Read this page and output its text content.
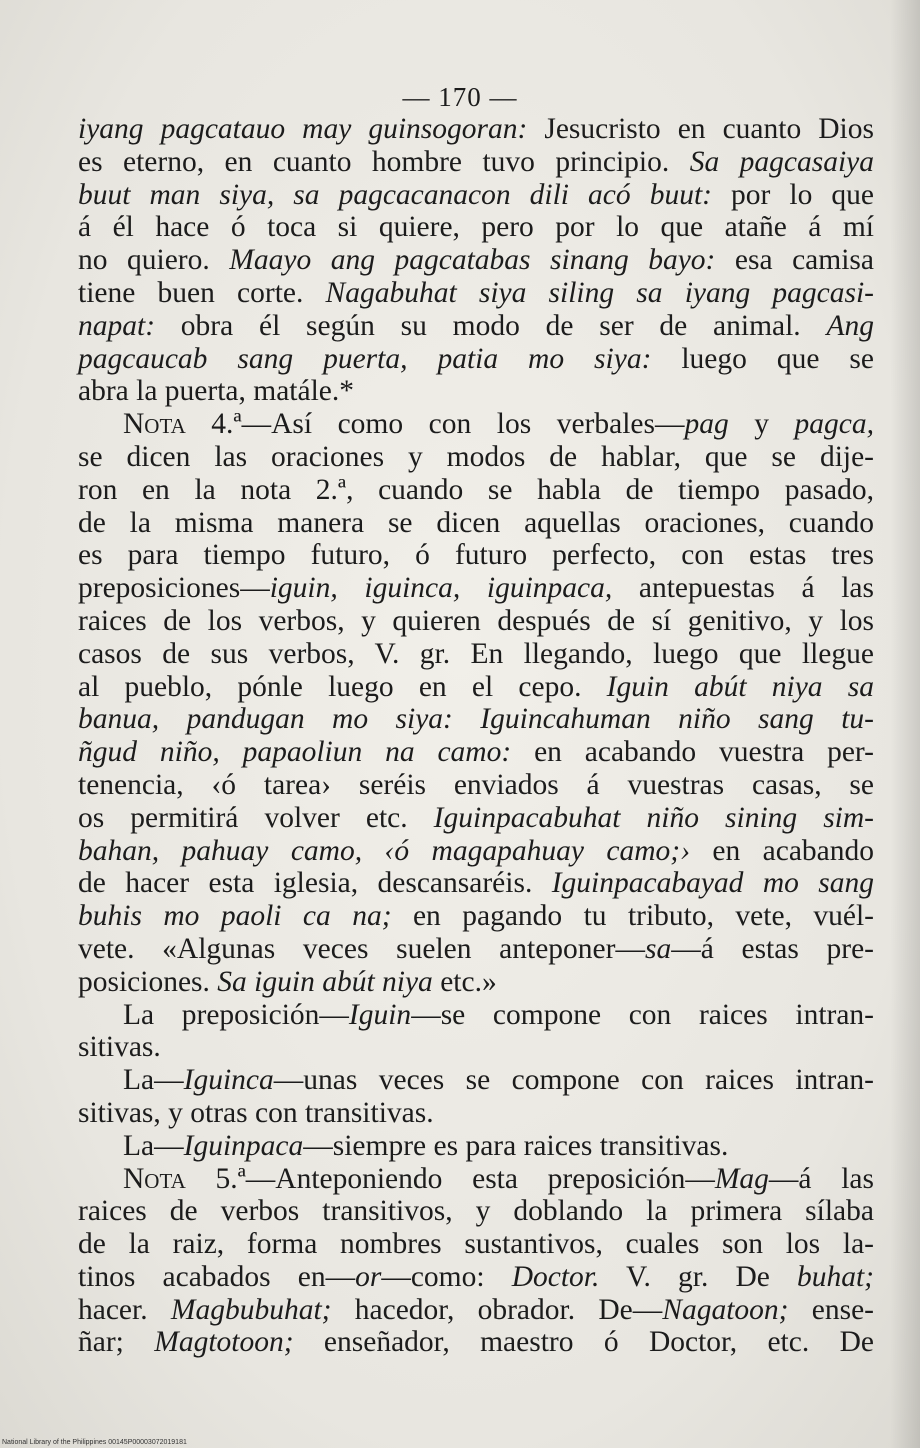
— 170 —
iyang pagcatauo may guinsogoran: Jesucristo en cuanto Dios
es eterno, en cuanto hombre tuvo principio. Sa pagcasaiya
buut man siya, sa pagcacanacon dili acó buut: por lo que
á él hace ó toca si quiere, pero por lo que atañe á mí
no quiero. Maayo ang pagcatabas sinang bayo: esa camisa
tiene buen corte. Nagabuhat siya siling sa iyang pagcasi-
napat: obra él según su modo de ser de animal. Ang
pagcaucab sang puerta, patia mo siya: luego que se
abra la puerta, matále.*
Nota 4.ª—Así como con los verbales—pag y pagca,
se dicen las oraciones y modos de hablar, que se dije-
ron en la nota 2.ª, cuando se habla de tiempo pasado,
de la misma manera se dicen aquellas oraciones, cuando
es para tiempo futuro, ó futuro perfecto, con estas tres
preposiciones—iguin, iguinca, iguinpaca, antepuestas á las
raices de los verbos, y quieren después de sí genitivo, y los
casos de sus verbos, V. gr. En llegando, luego que llegue
al pueblo, pónle luego en el cepo. Iguin abút niya sa
banua, pandugan mo siya: Iguincahuman niño sang tu-
ñgud niño, papaoliun na camo: en acabando vuestra per-
tenencia, ‹ó tarea› seréis enviados á vuestras casas, se
os permitirá volver etc. Iguinpacabuhat niño sining sim-
bahan, pahuay camo, ‹ó magapahuay camo;› en acabando
de hacer esta iglesia, descansaréis. Iguinpacabayad mo sang
buhis mo paoli ca na; en pagando tu tributo, vete, vuél-
vete. «Algunas veces suelen anteponer—sa—á estas pre-
posiciones. Sa iguin abút niya etc.»
La preposición—Iguin—se compone con raices intran-
sitivas.
La—Iguinca—unas veces se compone con raices intran-
sitivas, y otras con transitivas.
La—Iguinpaca—siempre es para raices transitivas.
Nota 5.ª—Anteponiendo esta preposición—Mag—á las
raices de verbos transitivos, y doblando la primera sílaba
de la raiz, forma nombres sustantivos, cuales son los la-
tinos acabados en—or—como: Doctor. V. gr. De buhat;
hacer. Magbubuhat; hacedor, obrador. De—Nagatoon; ense-
ñar; Magtotoon; enseñador, maestro ó Doctor, etc. De
National Library of the Philippines 00145P00003072019181
